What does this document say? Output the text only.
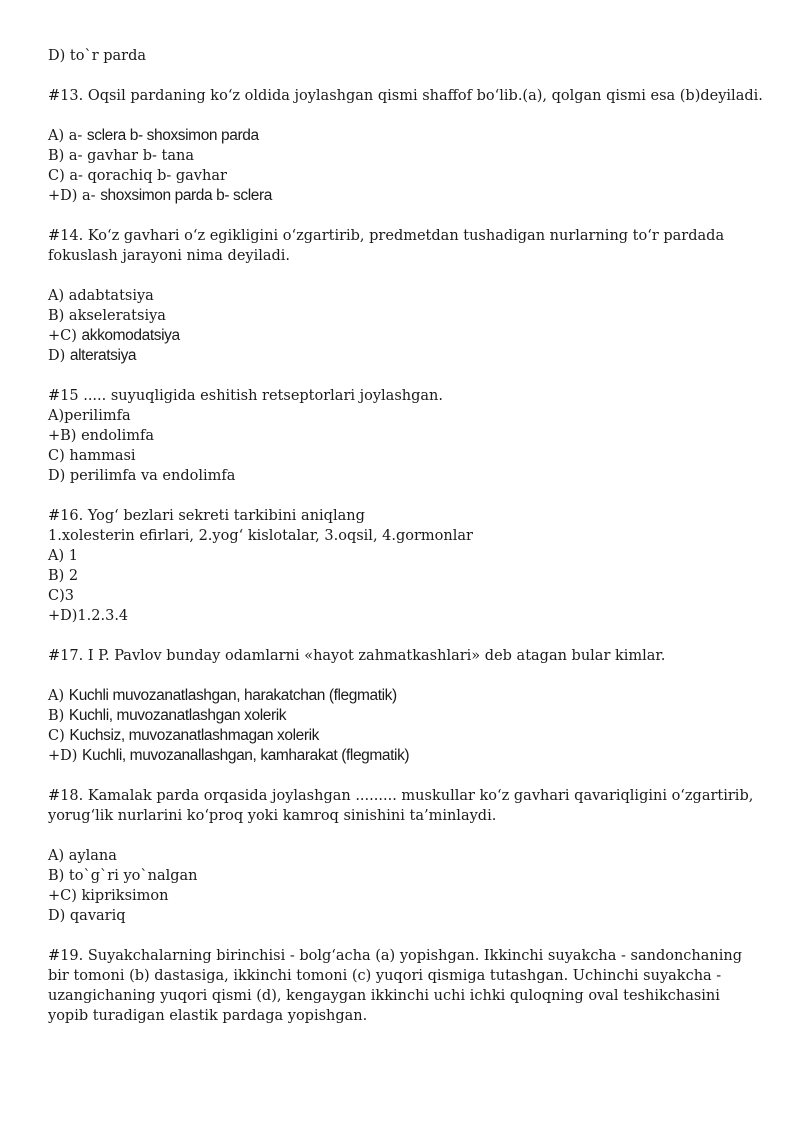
D) to`r parda

#13. Oqsil pardaning ko‘z oldida joylashgan qismi shaffof bo‘lib.(a), qolgan qismi esa (b)deyiladi.

A) a- sclera b- shoxsimon parda

B) a- gavhar b- tana

C) a- qorachiq b- gavhar

+D) a- shoxsimon parda b- sclera

#14. Ko‘z gavhari o‘z egikligini o‘zgartirib, predmetdan tushadigan nurlarning to‘r pardada fokuslash jarayoni nima deyiladi.

A) adabtatsiya

B) akseleratsiya

+C) akkomodatsiya

D) alteratsiya

#15 ..... suyuqligida eshitish retseptorlari joylashgan.

A)perilimfa

+B) endolimfa

C) hammasi

D) perilimfa va endolimfa

#16. Yog‘ bezlari sekreti tarkibini aniqlang

1.xolesterin efirlari, 2.yog‘ kislotalar, 3.oqsil, 4.gormonlar

A) 1

B) 2

C)3

+D)1.2.3.4

#17. I P. Pavlov bunday odamlarni «hayot zahmatkashlari» deb atagan bular kimlar.

A) Kuchli muvozanatlashgan, harakatchan (flegmatik)

B) Kuchli, muvozanatlashgan xolerik

C) Kuchsiz, muvozanatlashmagan xolerik

+D) Kuchli, muvozanallashgan, kamharakat (flegmatik)

#18. Kamalak parda orqasida joylashgan ......... muskullar ko‘z gavhari qavariqligini o‘zgartirib, yorug‘lik nurlarini ko‘proq yoki kamroq sinishini ta’minlaydi.

A) aylana

B) to`g`ri yo`nalgan

+C) kipriksimon

D) qavariq

#19. Suyakchalarning birinchisi - bolg‘acha (a) yopishgan. Ikkinchi suyakcha - sandonchaning bir tomoni (b) dastasiga, ikkinchi tomoni (c) yuqori qismiga tutashgan. Uchinchi suyakcha - uzangichaning yuqori qismi (d), kengaygan ikkinchi uchi ichki quloqning oval teshikchasini yopib turadigan elastik pardaga yopishgan.
